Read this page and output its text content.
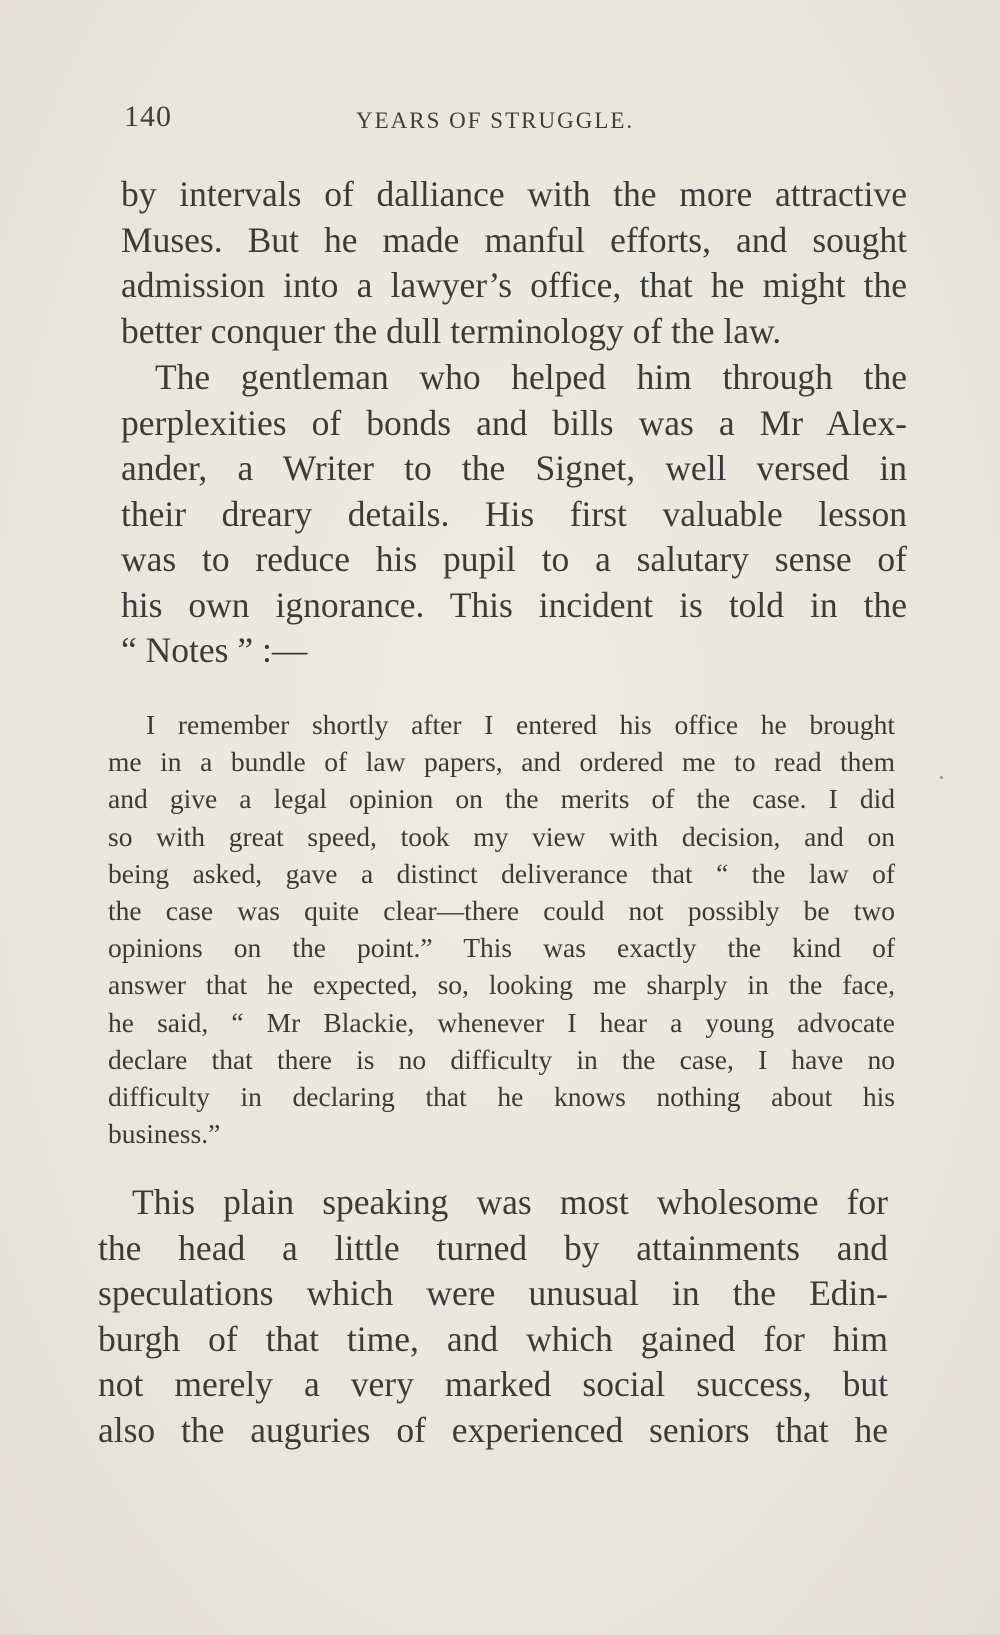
140	YEARS OF STRUGGLE.
by intervals of dalliance with the more attractive
Muses. But he made manful efforts, and sought
admission into a lawyer’s office, that he might the
better conquer the dull terminology of the law.
The gentleman who helped him through the
perplexities of bonds and bills was a Mr Alex-
ander, a Writer to the Signet, well versed in
their dreary details. His first valuable lesson
was to reduce his pupil to a salutary sense of
his own ignorance. This incident is told in the
“ Notes ” :—
I remember shortly after I entered his office he brought
me in a bundle of law papers, and ordered me to read them
and give a legal opinion on the merits of the case. I did
so with great speed, took my view with decision, and on
being asked, gave a distinct deliverance that “ the law of
the case was quite clear—there could not possibly be two
opinions on the point.” This was exactly the kind of
answer that he expected, so, looking me sharply in the face,
he said, “ Mr Blackie, whenever I hear a young advocate
declare that there is no difficulty in the case, I have no
difficulty in declaring that he knows nothing about his
business.”
This plain speaking was most wholesome for
the head a little turned by attainments and
speculations which were unusual in the Edin-
burgh of that time, and which gained for him
not merely a very marked social success, but
also the auguries of experienced seniors that he
